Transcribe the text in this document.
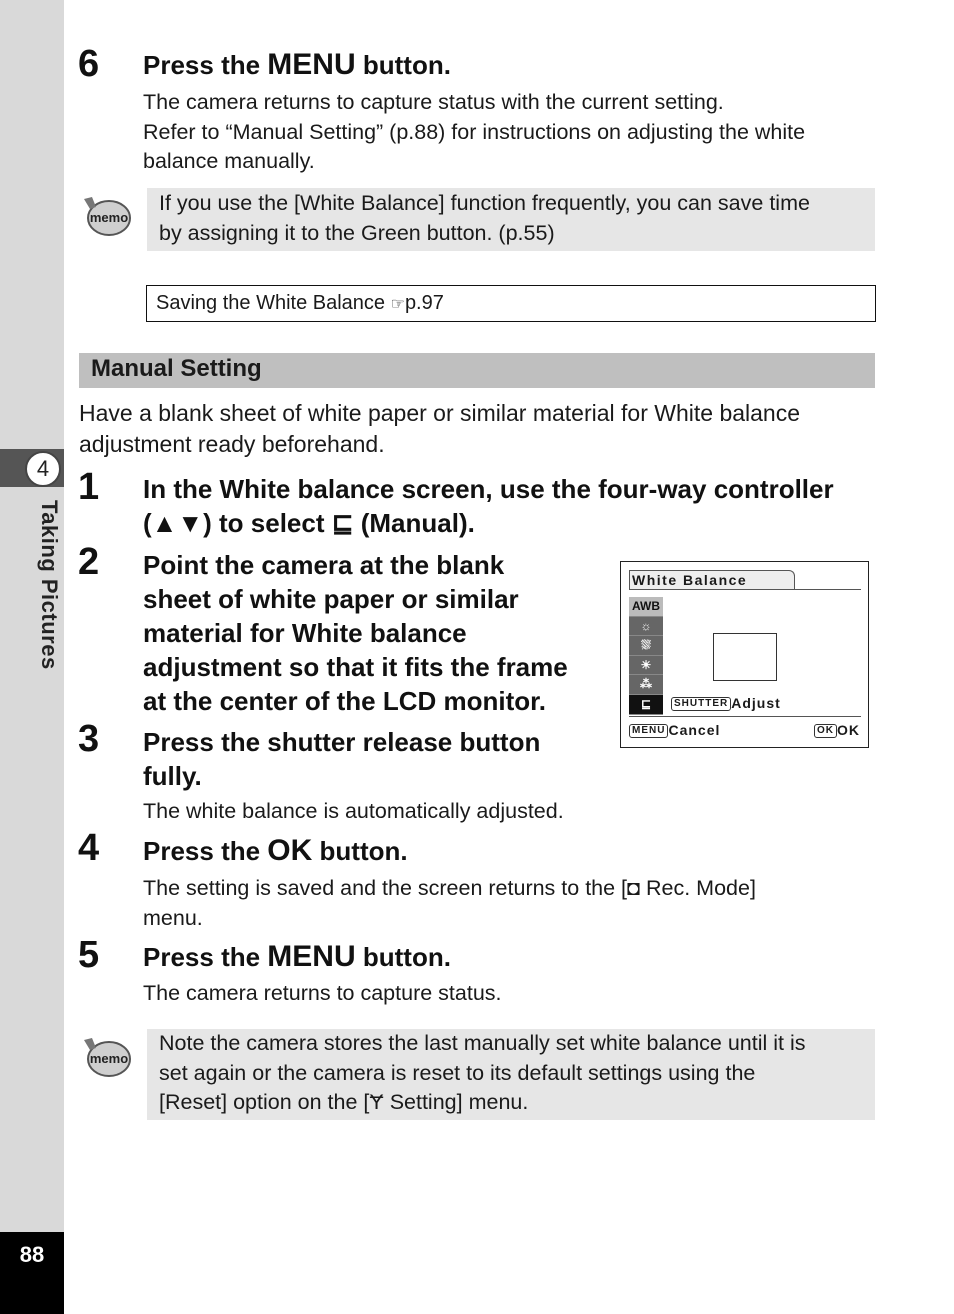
4
Taking Pictures
88
6 Press the MENU button.
The camera returns to capture status with the current setting.
Refer to “Manual Setting” (p.88) for instructions on adjusting the white
balance manually.
memo
If you use the [White Balance] function frequently, you can save time
by assigning it to the Green button. (p.55)
Saving the White Balance ☞p.97
Manual Setting
Have a blank sheet of white paper or similar material for White balance
adjustment ready beforehand.
1 In the White balance screen, use the four-way controller
(▲▼) to select ⊑ (Manual).
2 Point the camera at the blank
sheet of white paper or similar
material for White balance
adjustment so that it fits the frame
at the center of the LCD monitor.
White Balance
AWB
☼
⛆
☀
⁂
⊑	SHUTTER Adjust
MENU Cancel	OK OK
3 Press the shutter release button
fully.
The white balance is automatically adjusted.
4 Press the OK button.
The setting is saved and the screen returns to the [◘ Rec. Mode]
menu.
5 Press the MENU button.
The camera returns to capture status.
memo
Note the camera stores the last manually set white balance until it is
set again or the camera is reset to its default settings using the
[Reset] option on the [Ɏ Setting] menu.
